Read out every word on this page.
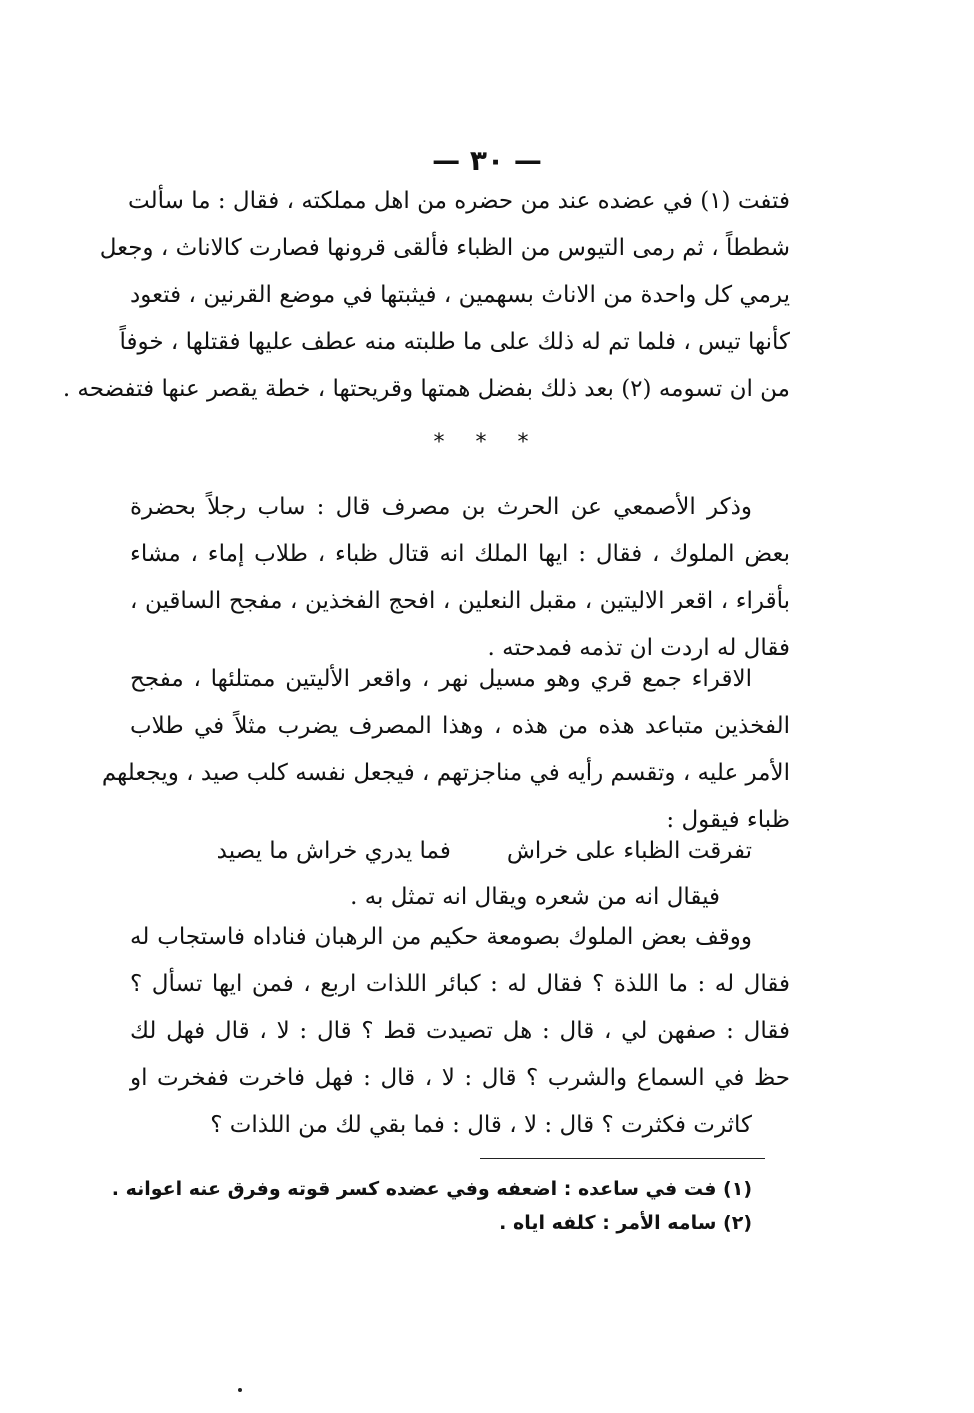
— ٣٠ —
فتفت (١) في عضده عند من حضره من اهل مملكته ، فقال : ما سألت
شططاً ، ثم رمى التيوس من الظباء فألقى قرونها فصارت كالاناث ، وجعل
يرمي كل واحدة من الاناث بسهمين ، فيثبتها في موضع القرنين ، فتعود
كأنها تيس ، فلما تم له ذلك على ما طلبته منه عطف عليها فقتلها ، خوفاً
من ان تسومه (٢) بعد ذلك بفضل همتها وقريحتها ، خطة يقصر عنها فتفضحه .
* * *
وذكر الأصمعي عن الحرث بن مصرف قال : ساب رجلاً بحضرة
بعض الملوك ، فقال : ايها الملك انه قتال ظباء ، طلاب إماء ، مشاء
بأقراء ، اقعر الاليتين ، مقبل النعلين ، افحج الفخذين ، مفجح الساقين ،
فقال له اردت ان تذمه فمدحته .
الاقراء جمع قري وهو مسيل نهر ، واقعر الأليتين ممتلئها ، مفجح
الفخذين متباعد هذه من هذه ، وهذا المصرف يضرب مثلاً في طلاب
الأمر عليه ، وتقسم رأيه في مناجزتهم ، فيجعل نفسه كلب صيد ، ويجعلهم
ظباء فيقول :
تفرقت الظباء على خراش
فما يدري خراش ما يصيد
فيقال انه من شعره ويقال انه تمثل به .
ووقف بعض الملوك بصومعة حكيم من الرهبان فناداه فاستجاب له
فقال له : ما اللذة ؟ فقال له : كبائر اللذات اربع ، فمن ايها تسأل ؟
فقال : صفهن لي ، قال : هل تصيدت قط ؟ قال : لا ، قال فهل لك
حظ في السماع والشرب ؟ قال : لا ، قال : فهل فاخرت ففخرت او
كاثرت فكثرت ؟ قال : لا ، قال : فما بقي لك من اللذات ؟
(١) فت في ساعده : اضعفه وفي عضده كسر قوته وفرق عنه اعوانه .
(٢) سامه الأمر : كلفه اياه .
